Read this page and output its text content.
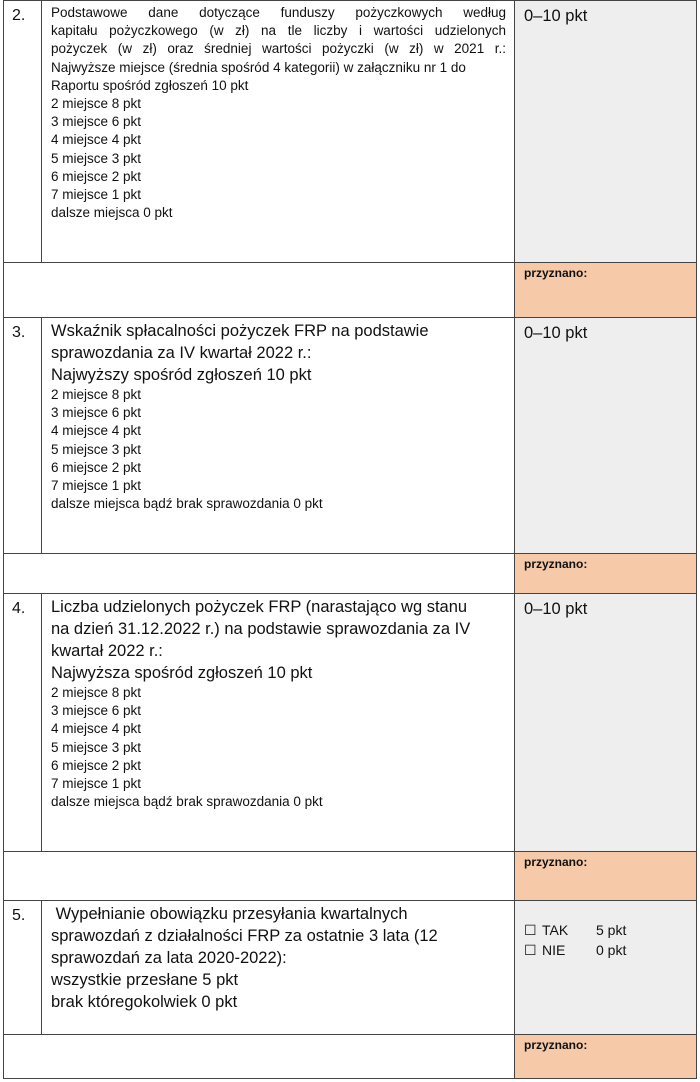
2. Podstawowe dane dotyczące funduszy pożyczkowych według
kapitału pożyczkowego (w zł) na tle liczby i wartości udzielonych
pożyczek (w zł) oraz średniej wartości pożyczki (w zł) w 2021 r.:
Najwyższe miejsce (średnia spośród 4 kategorii) w załączniku nr 1 do
Raportu spośród zgłoszeń 10 pkt
2 miejsce 8 pkt
3 miejsce 6 pkt
4 miejsce 4 pkt
5 miejsce 3 pkt
6 miejsce 2 pkt
7 miejsce 1 pkt
dalsze miejsca 0 pkt
0–10 pkt
przyznano:
3. Wskaźnik spłacalności pożyczek FRP na podstawie
sprawozdania za IV kwartał 2022 r.:
Najwyższy spośród zgłoszeń 10 pkt
2 miejsce 8 pkt
3 miejsce 6 pkt
4 miejsce 4 pkt
5 miejsce 3 pkt
6 miejsce 2 pkt
7 miejsce 1 pkt
dalsze miejsca bądź brak sprawozdania 0 pkt
0–10 pkt
przyznano:
4. Liczba udzielonych pożyczek FRP (narastająco wg stanu
na dzień 31.12.2022 r.) na podstawie sprawozdania za IV
kwartał 2022 r.:
Najwyższa spośród zgłoszeń 10 pkt
2 miejsce 8 pkt
3 miejsce 6 pkt
4 miejsce 4 pkt
5 miejsce 3 pkt
6 miejsce 2 pkt
7 miejsce 1 pkt
dalsze miejsca bądź brak sprawozdania 0 pkt
0–10 pkt
przyznano:
5. Wypełnianie obowiązku przesyłania kwartalnych
sprawozdań z działalności FRP za ostatnie 3 lata (12
sprawozdań za lata 2020-2022):
wszystkie przesłane 5 pkt
brak któregokolwiek 0 pkt
☐ TAK 5 pkt
☐ NIE 0 pkt
przyznano:
